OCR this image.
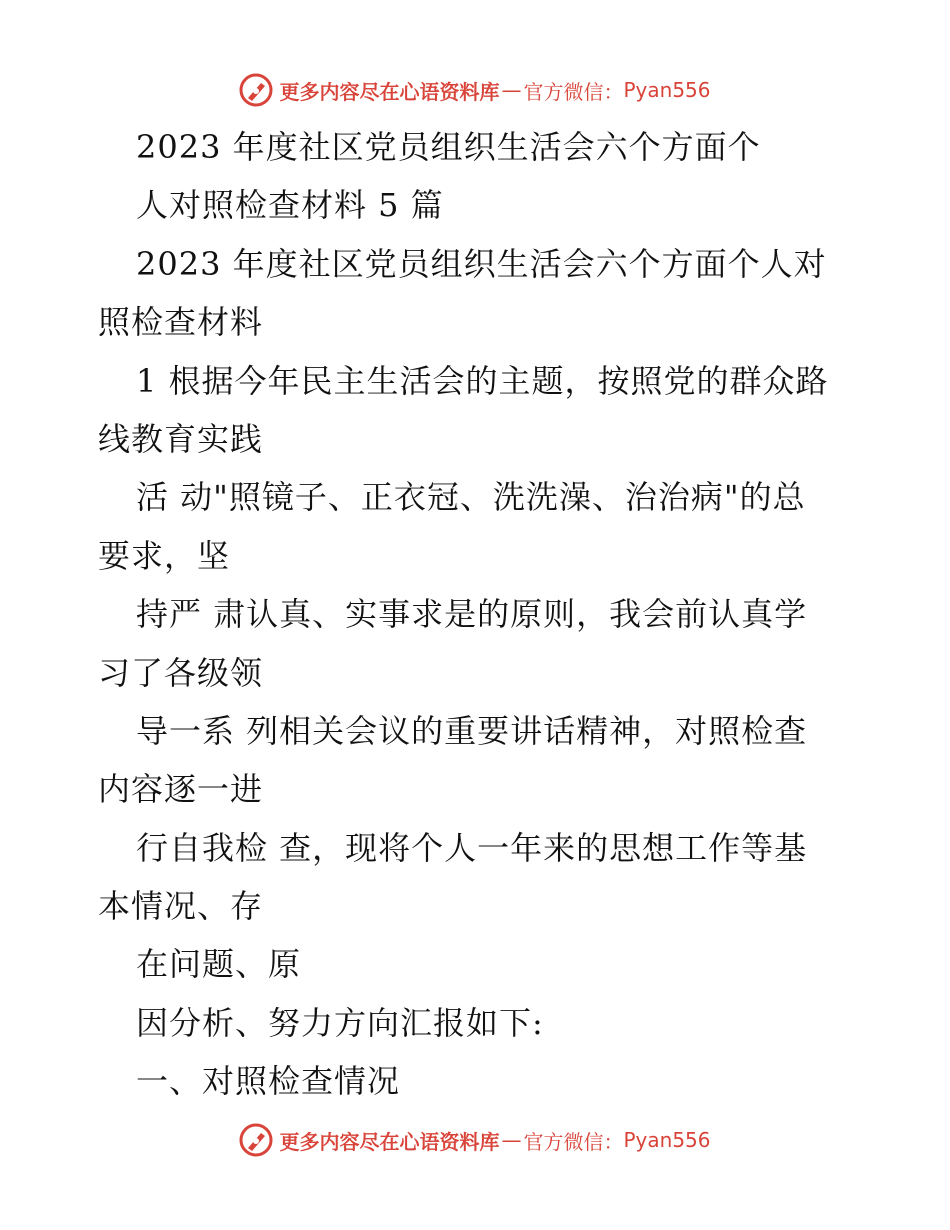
更多内容尽在心语资料库 — 官方微信： Pyan556
2023 年度社区党员组织生活会六个方面个
人对照检查材料 5 篇
2023 年度社区党员组织生活会六个方面个人对
照检查材料
1 根据今年民主生活会的主题，按照党的群众路
线教育实践
活 动"照镜子、正衣冠、洗洗澡、治治病"的总
要求，坚
持严 肃认真、实事求是的原则，我会前认真学
习了各级领
导一系 列相关会议的重要讲话精神，对照检查
内容逐一进
行自我检 查，现将个人一年来的思想工作等基
本情况、存
在问题、原
因分析、努力方向汇报如下:
一、对照检查情况
更多内容尽在心语资料库 — 官方微信： Pyan556
